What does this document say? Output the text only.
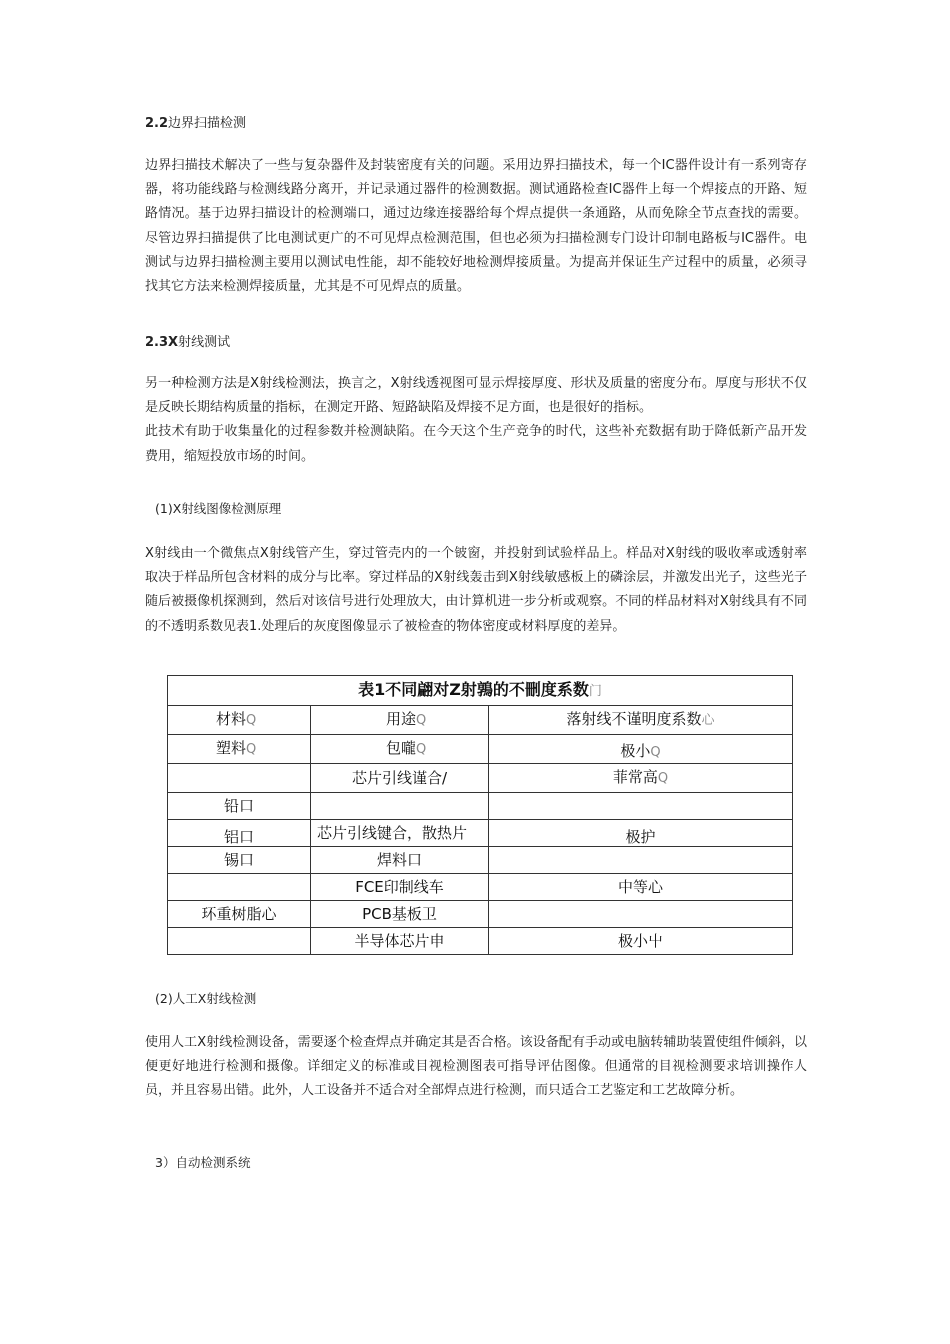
2.2边界扫描检测

边界扫描技术解决了一些与复杂器件及封装密度有关的问题。采用边界扫描技术，每一个IC器件设计有一系列寄存器，将功能线路与检测线路分离开，并记录通过器件的检测数据。测试通路检查IC器件上每一个焊接点的开路、短路情况。基于边界扫描设计的检测端口，通过边缘连接器给每个焊点提供一条通路，从而免除全节点查找的需要。尽管边界扫描提供了比电测试更广的不可见焊点检测范围，但也必须为扫描检测专门设计印制电路板与IC器件。电测试与边界扫描检测主要用以测试电性能，却不能较好地检测焊接质量。为提高并保证生产过程中的质量，必须寻找其它方法来检测焊接质量，尤其是不可见焊点的质量。

2.3X射线测试

另一种检测方法是X射线检测法，换言之，X射线透视图可显示焊接厚度、形状及质量的密度分布。厚度与形状不仅是反映长期结构质量的指标，在测定开路、短路缺陷及焊接不足方面，也是很好的指标。

此技术有助于收集量化的过程参数并检测缺陷。在今天这个生产竞争的时代，这些补充数据有助于降低新产品开发费用，缩短投放市场的时间。

(1)X射线图像检测原理

X射线由一个微焦点X射线管产生，穿过管壳内的一个铍窗，并投射到试验样品上。样品对X射线的吸收率或透射率取决于样品所包含材料的成分与比率。穿过样品的X射线轰击到X射线敏感板上的磷涂层，并激发出光子，这些光子随后被摄像机探测到，然后对该信号进行处理放大，由计算机进一步分析或观察。不同的样品材料对X射线具有不同的不透明系数见表1.处理后的灰度图像显示了被检查的物体密度或材料厚度的差异。

表1不同翩对Z射鶉的不刪度系数门		
材料Q	用途Q	落射线不谨明度系数心
塑料Q	包嚨Q	极小Q
	芯片引线谨合/	菲常高Q
铅口		
铝口	芯片引线键合，散热片	极护
锡口	焊料口	
	FCE印制线车	中等心
环重树脂心	PCB基板卫	
	半导体芯片申	极小屮
(2)人工X射线检测

使用人工X射线检测设备，需要逐个检查焊点并确定其是否合格。该设备配有手动或电脑转辅助装置使组件倾斜，以便更好地进行检测和摄像。详细定义的标准或目视检测图表可指导评估图像。但通常的目视检测要求培训操作人员，并且容易出错。此外，人工设备并不适合对全部焊点进行检测，而只适合工艺鉴定和工艺故障分析。

3）自动检测系统
